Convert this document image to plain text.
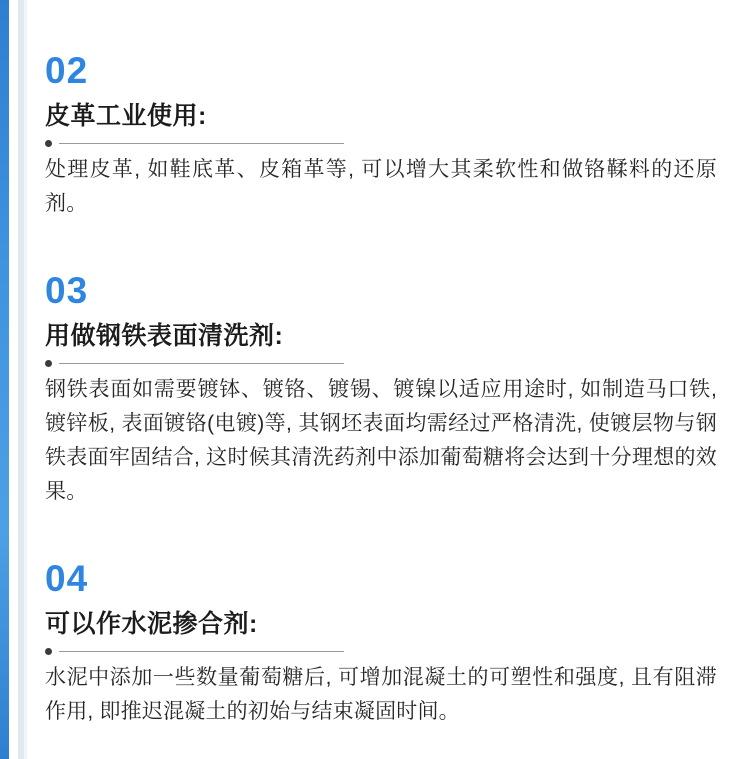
02
皮革工业使用:
处理皮革, 如鞋底革、皮箱革等, 可以增大其柔软性和做铬鞣料的还原剂。
03
用做钢铁表面清洗剂:
钢铁表面如需要镀钵、镀铬、镀锡、镀镍以适应用途时, 如制造马口铁, 镀锌板, 表面镀铬(电镀)等, 其钢坯表面均需经过严格清洗, 使镀层物与钢铁表面牢固结合, 这时候其清洗药剂中添加葡萄糖将会达到十分理想的效果。
04
可以作水泥掺合剂:
水泥中添加一些数量葡萄糖后, 可增加混凝土的可塑性和强度, 且有阻滞作用, 即推迟混凝土的初始与结束凝固时间。
